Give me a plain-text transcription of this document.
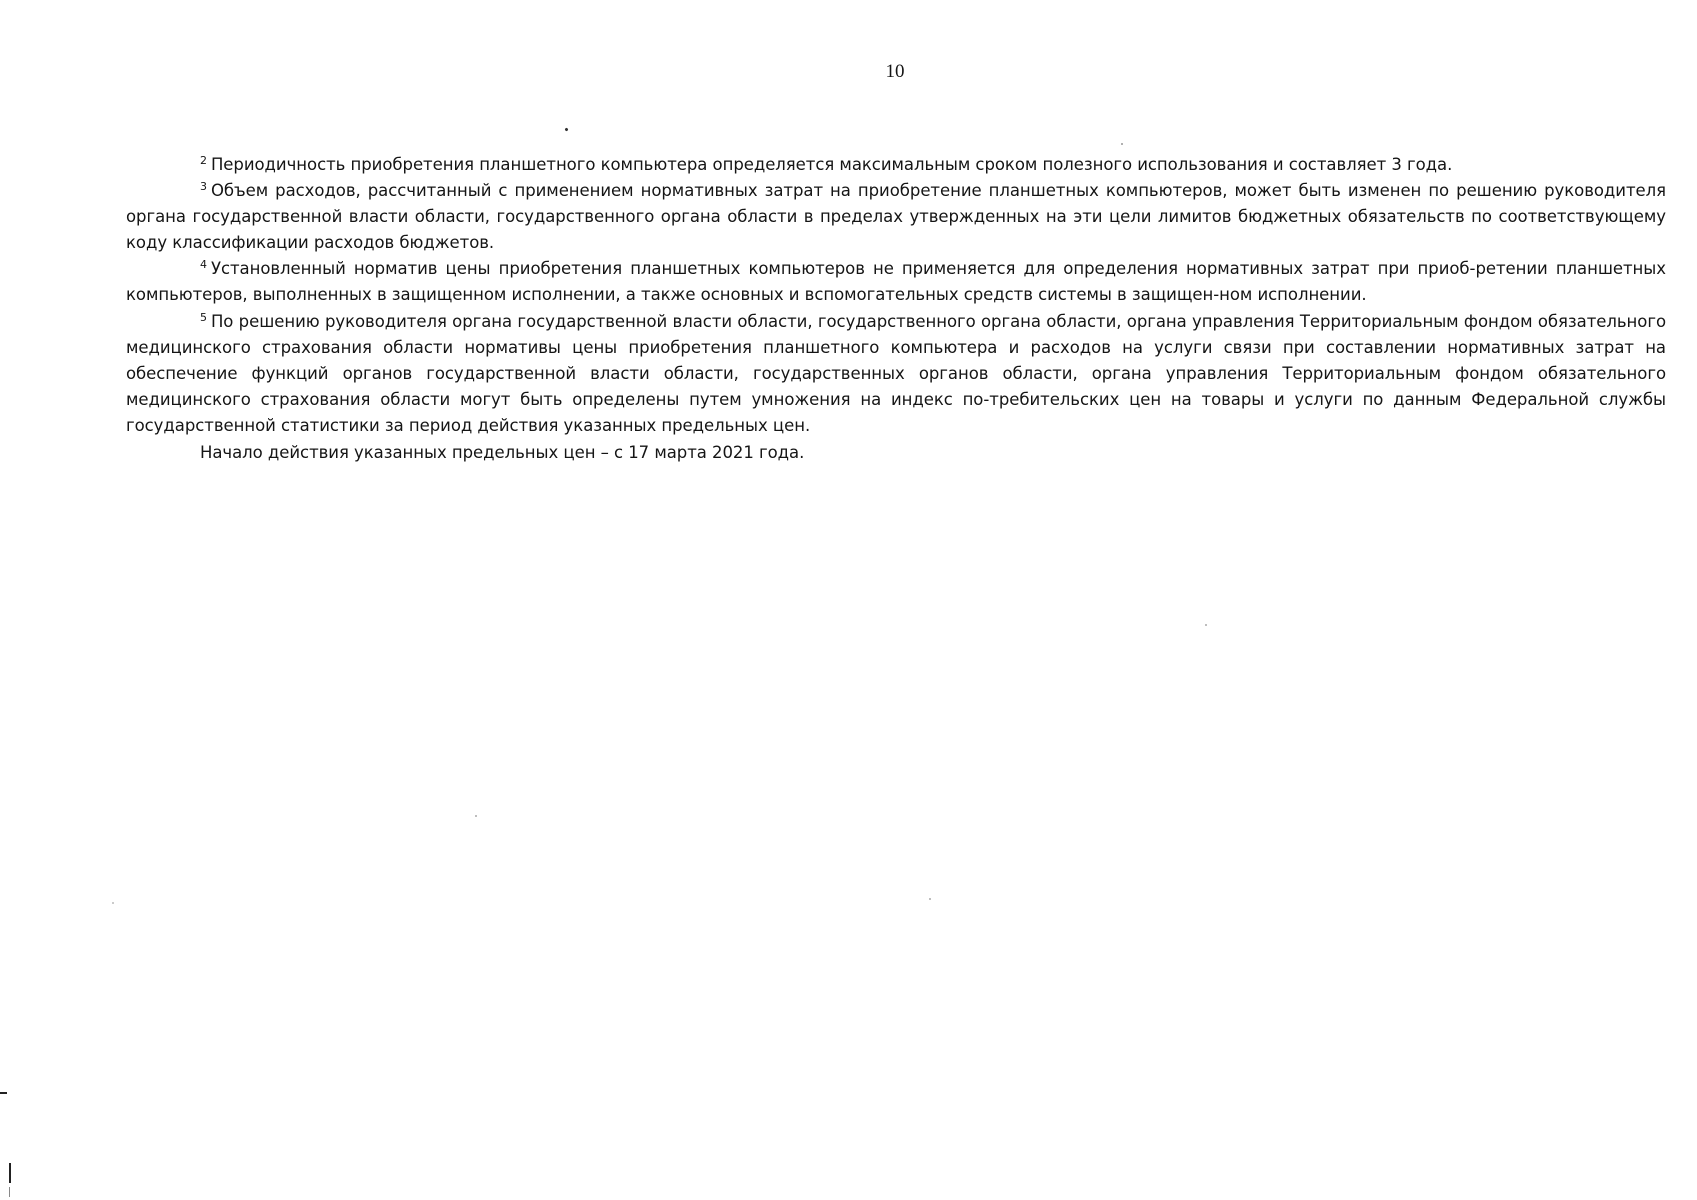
10

$^2$ Периодичность приобретения планшетного компьютера определяется максимальным сроком полезного использования и составляет 3 года.

$^3$ Объем расходов, рассчитанный с применением нормативных затрат на приобретение планшетных компьютеров, может быть изменен по решению руководителя органа государственной власти области, государственного органа области в пределах утвержденных на эти цели лимитов бюджетных обязательств по соответствующему коду классификации расходов бюджетов.

$^4$ Установленный норматив цены приобретения планшетных компьютеров не применяется для определения нормативных затрат при приоб-ретении планшетных компьютеров, выполненных в защищенном исполнении, а также основных и вспомогательных средств системы в защищен-ном исполнении.

$^5$ По решению руководителя органа государственной власти области, государственного органа области, органа управления Территориальным фондом обязательного медицинского страхования области нормативы цены приобретения планшетного компьютера и расходов на услуги связи при составлении нормативных затрат на обеспечение функций органов государственной власти области, государственных органов области, органа управления Территориальным фондом обязательного медицинского страхования области могут быть определены путем умножения на индекс по-требительских цен на товары и услуги по данным Федеральной службы государственной статистики за период действия указанных предельных цен.

Начало действия указанных предельных цен – с 17 марта 2021 года.
